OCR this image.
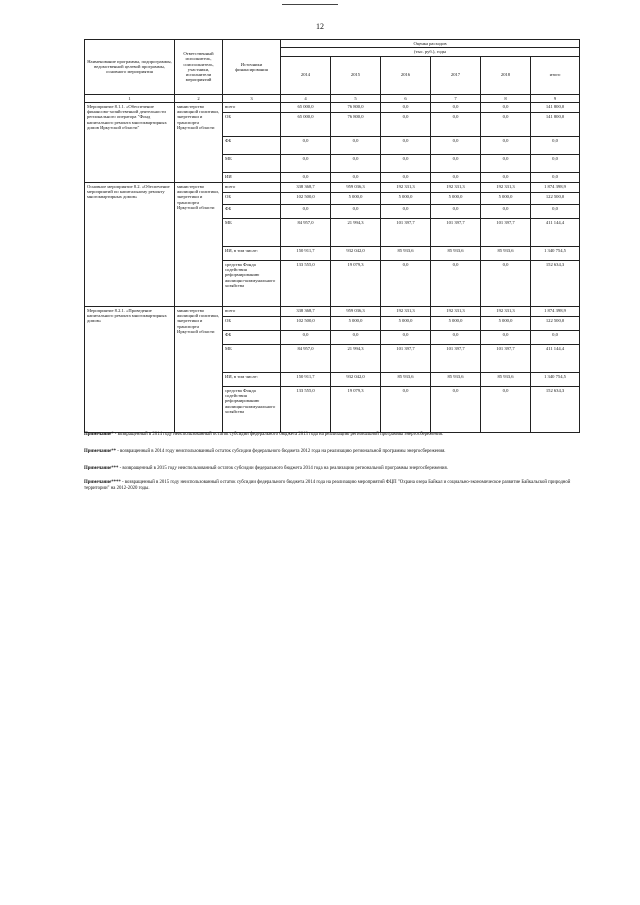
12
Наименование программы, подпрограммы, ведомственной целевой программы, основного мероприятия	Ответственный исполнитель, соисполнитель, участники, исполнители мероприятий	Источники финансирования	Оценка расходов
(тыс. руб.), годы					

			2014	2015	2016	2017	2018	итого
1	2	3	4	5	6	7	8	9
Мероприятие 8.1.1. «Обеспечение финансово-хозяйственной деятельности регионального оператора "Фонд капитального ремонта многоквартирных домов Иркутской области"	министерство жилищной политики, энергетики и транспорта Иркутской области	всего	65 000,0	76 800,0	0,0	0,0	0,0	141 800,0
		ОБ	65 000,0	76 800,0	0,0	0,0	0,0	141 800,0
		ФБ	0,0	0,0	0,0	0,0	0,0	0,0
		МБ	0,0	0,0	0,0	0,0	0,0	0,0
		ИИ	0,0	0,0	0,0	0,0	0,0	0,0
Основное мероприятие 8.2. «Обеспечение мероприятий по капитальному ремонту многоквартирных домов»	министерство жилищной политики, энергетики и транспорта Иркутской области	всего	338 368,7	959 036,3	192 331,3	192 331,3	192 331,3	1 874 398,9
		ОБ	102 500,0	5 000,0	5 000,0	5 000,0	5 000,0	122 500,0
		ФБ	0,0	0,0	0,0	0,0	0,0	0,0
		МБ	84 957,0	21 994,3	101 397,7	101 397,7	101 397,7	411 144,4
		ИИ, в том числе:	150 911,7	932 042,0	85 933,6	85 933,6	85 933,6	1 340 754,5
		средства Фонда содействия реформированию жилищно-коммунального хозяйства	133 555,0	19 079,3	0,0	0,0	0,0	152 634,3
Мероприятие 8.2.1. «Проведение капитального ремонта многоквартирных домов»	министерство жилищной политики, энергетики и транспорта Иркутской области	всего	338 368,7	959 036,3	192 331,3	192 331,3	192 331,3	1 874 398,9
		ОБ	102 500,0	5 000,0	5 000,0	5 000,0	5 000,0	122 500,0
		ФБ	0,0	0,0	0,0	0,0	0,0	0,0
		МБ	84 957,0	21 994,3	101 397,7	101 397,7	101 397,7	411 144,4
		ИИ, в том числе:	150 911,7	932 042,0	85 933,6	85 933,6	85 933,6	1 340 754,5
		средства Фонда содействия реформированию жилищно-коммунального хозяйства	133 555,0	19 079,3	0,0	0,0	0,0	152 634,3
Примечание* - возвращенный в 2014 году неиспользованный остаток субсидии федерального бюджета 2013 года на реализацию региональной программы энергосбережения.
Примечание** - возвращенный в 2014 году неиспользованный остаток субсидии федерального бюджета 2012 года на реализацию региональной программы энергосбережения.
Примечание*** - возвращенный в 2015 году неиспользованный остаток субсидии федерального бюджета 2014 года на реализацию региональной программы энергосбережения.
Примечание**** - возвращенный в 2015 году неиспользованный остаток субсидии федерального бюджета 2014 года на реализацию мероприятий ФЦП "Охрана озера Байкал и социально-экономическое развитие Байкальской природной территории" на 2012-2020 годы.
